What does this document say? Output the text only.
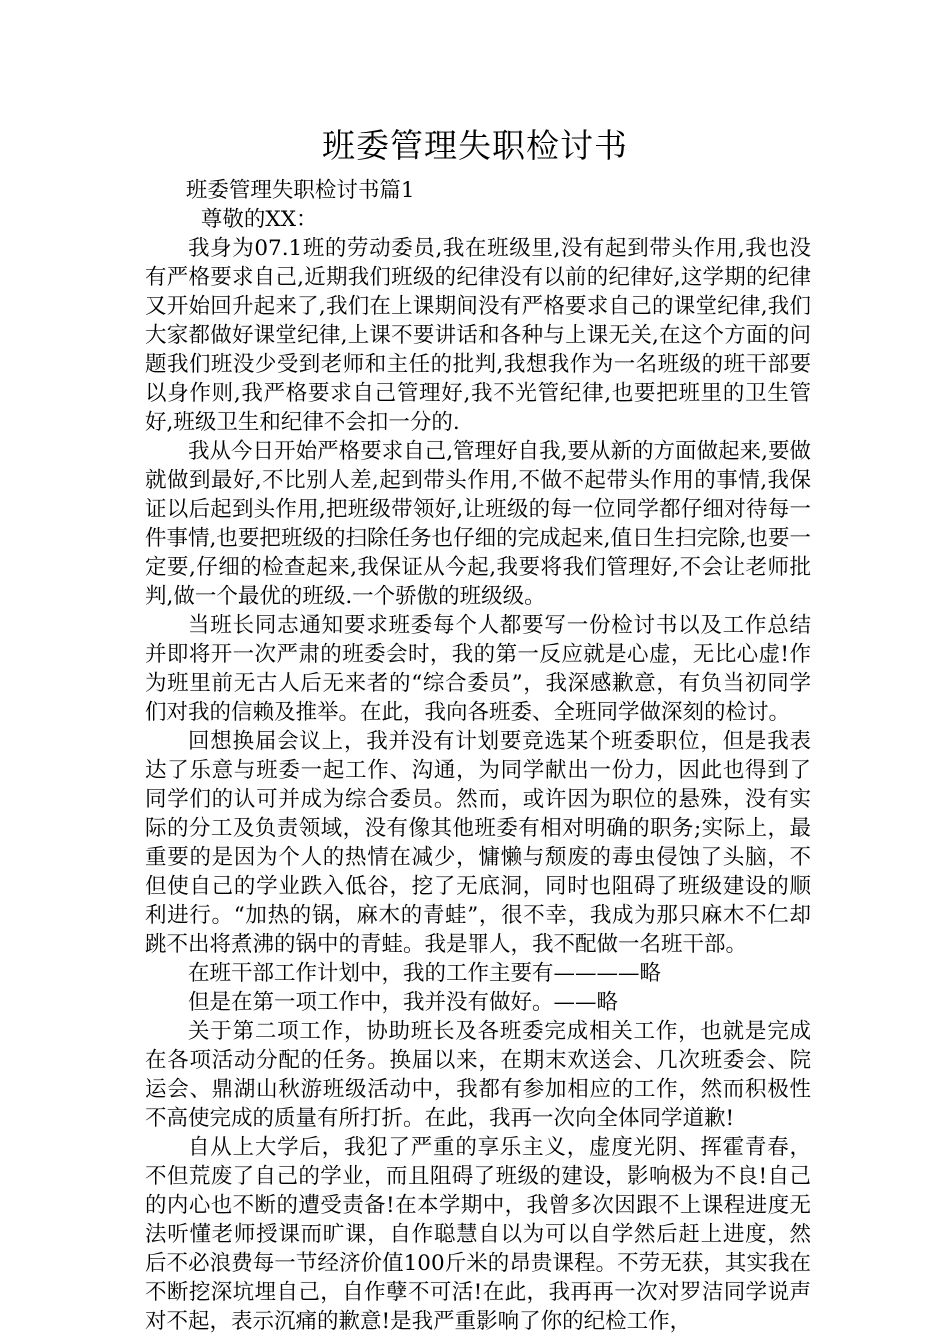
班委管理失职检讨书

班委管理失职检讨书篇1

尊敬的XX：

我身为07.1班的劳动委员,我在班级里,没有起到带头作用,我也没有严格要求自己,近期我们班级的纪律没有以前的纪律好,这学期的纪律又开始回升起来了,我们在上课期间没有严格要求自己的课堂纪律,我们大家都做好课堂纪律,上课不要讲话和各种与上课无关,在这个方面的问题我们班没少受到老师和主任的批判,我想我作为一名班级的班干部要以身作则,我严格要求自己管理好,我不光管纪律,也要把班里的卫生管好,班级卫生和纪律不会扣一分的.

我从今日开始严格要求自己,管理好自我,要从新的方面做起来,要做就做到最好,不比别人差,起到带头作用,不做不起带头作用的事情,我保证以后起到头作用,把班级带领好,让班级的每一位同学都仔细对待每一件事情,也要把班级的扫除任务也仔细的完成起来,值日生扫完除,也要一定要,仔细的检查起来,我保证从今起,我要将我们管理好,不会让老师批判,做一个最优的班级.一个骄傲的班级级。

当班长同志通知要求班委每个人都要写一份检讨书以及工作总结并即将开一次严肃的班委会时，我的第一反应就是心虚，无比心虚!作为班里前无古人后无来者的“综合委员”，我深感歉意，有负当初同学们对我的信赖及推举。在此，我向各班委、全班同学做深刻的检讨。

回想换届会议上，我并没有计划要竞选某个班委职位，但是我表达了乐意与班委一起工作、沟通，为同学献出一份力，因此也得到了同学们的认可并成为综合委员。然而，或许因为职位的悬殊，没有实际的分工及负责领域，没有像其他班委有相对明确的职务;实际上，最重要的是因为个人的热情在减少，慵懒与颓废的毒虫侵蚀了头脑，不但使自己的学业跌入低谷，挖了无底洞，同时也阻碍了班级建设的顺利进行。“加热的锅，麻木的青蛙”，很不幸，我成为那只麻木不仁却跳不出将煮沸的锅中的青蛙。我是罪人，我不配做一名班干部。

在班干部工作计划中，我的工作主要有————略

但是在第一项工作中，我并没有做好。——略

关于第二项工作，协助班长及各班委完成相关工作，也就是完成在各项活动分配的任务。换届以来，在期末欢送会、几次班委会、院运会、鼎湖山秋游班级活动中，我都有参加相应的工作，然而积极性不高使完成的质量有所打折。在此，我再一次向全体同学道歉!

自从上大学后，我犯了严重的享乐主义，虚度光阴、挥霍青春，不但荒废了自己的学业，而且阻碍了班级的建设，影响极为不良!自己的内心也不断的遭受责备!在本学期中，我曾多次因跟不上课程进度无法听懂老师授课而旷课，自作聪慧自以为可以自学然后赶上进度，然后不必浪费每一节经济价值100斤米的昂贵课程。不劳无获，其实我在不断挖深坑埋自己，自作孽不可活!在此，我再再一次对罗洁同学说声对不起，表示沉痛的歉意!是我严重影响了你的纪检工作，
